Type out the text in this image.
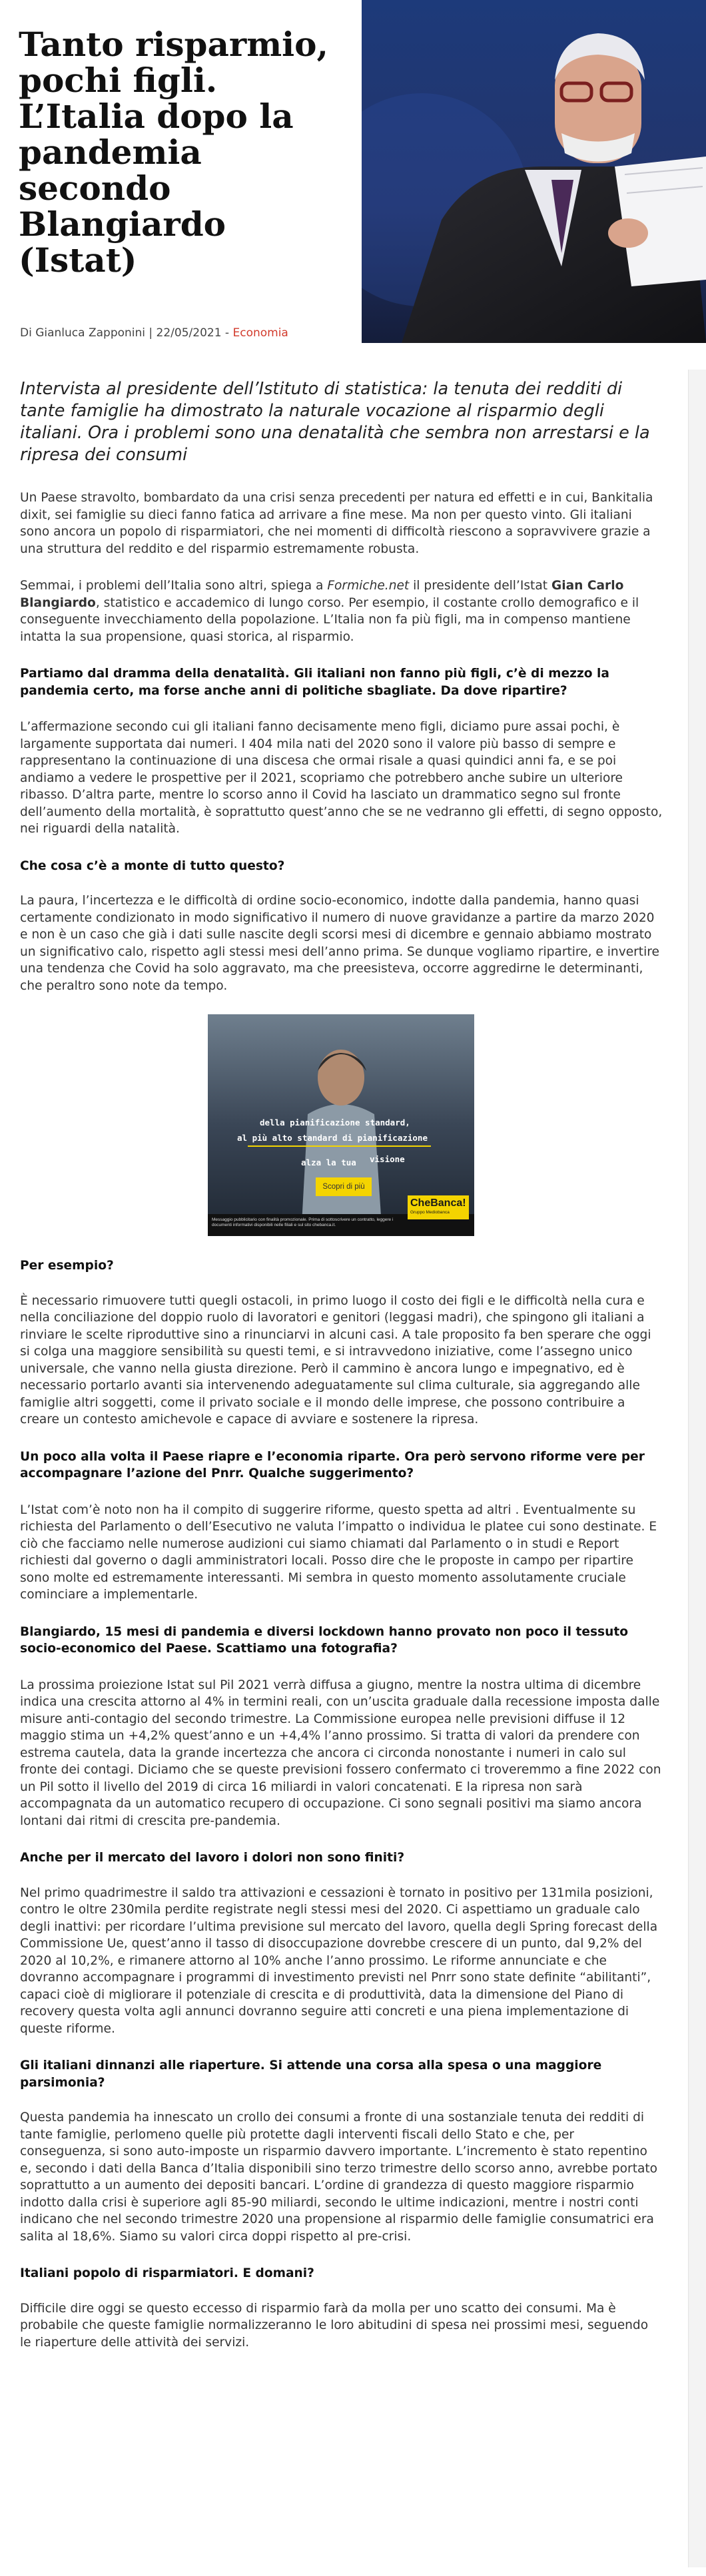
Tanto risparmio, pochi figli. L’Italia dopo la pandemia secondo Blangiardo (Istat)
Di Gianluca Zapponini | 22/05/2021 - Economia

Intervista al presidente dell’Istituto di statistica: la tenuta dei redditi di tante famiglie ha dimostrato la naturale vocazione al risparmio degli italiani. Ora i problemi sono una denatalità che sembra non arrestarsi e la ripresa dei consumi

Un Paese stravolto, bombardato da una crisi senza precedenti per natura ed effetti e in cui, Bankitalia dixit, sei famiglie su dieci fanno fatica ad arrivare a fine mese. Ma non per questo vinto. Gli italiani sono ancora un popolo di risparmiatori, che nei momenti di difficoltà riescono a sopravvivere grazie a una struttura del reddito e del risparmio estremamente robusta.

Semmai, i problemi dell’Italia sono altri, spiega a Formiche.net il presidente dell’Istat Gian Carlo Blangiardo, statistico e accademico di lungo corso. Per esempio, il costante crollo demografico e il conseguente invecchiamento della popolazione. L’Italia non fa più figli, ma in compenso mantiene intatta la sua propensione, quasi storica, al risparmio.

Partiamo dal dramma della denatalità. Gli italiani non fanno più figli, c’è di mezzo la pandemia certo, ma forse anche anni di politiche sbagliate. Da dove ripartire?

L’affermazione secondo cui gli italiani fanno decisamente meno figli, diciamo pure assai pochi, è largamente supportata dai numeri. I 404 mila nati del 2020 sono il valore più basso di sempre e rappresentano la continuazione di una discesa che ormai risale a quasi quindici anni fa, e se poi andiamo a vedere le prospettive per il 2021, scopriamo che potrebbero anche subire un ulteriore ribasso. D’altra parte, mentre lo scorso anno il Covid ha lasciato un drammatico segno sul fronte dell’aumento della mortalità, è soprattutto quest’anno che se ne vedranno gli effetti, di segno opposto, nei riguardi della natalità.

Che cosa c’è a monte di tutto questo?

La paura, l’incertezza e le difficoltà di ordine socio-economico, indotte dalla pandemia, hanno quasi certamente condizionato in modo significativo il numero di nuove gravidanze a partire da marzo 2020 e non è un caso che già i dati sulle nascite degli scorsi mesi di dicembre e gennaio abbiamo mostrato un significativo calo, rispetto agli stessi mesi dell’anno prima. Se dunque vogliamo ripartire, e invertire una tendenza che Covid ha solo aggravato, ma che preesisteva, occorre aggredirne le determinanti, che peraltro sono note da tempo.

della pianificazione standard,
al più alto standard di pianificazione
alza la tua visione
Scopri di più
CheBanca!
Gruppo Mediobanca
Messaggio pubblicitario con finalità promozionale. Prima di sottoscrivere un contratto, leggere i documenti informativi disponibili nelle filiali e sul sito chebanca.it.

Per esempio?

È necessario rimuovere tutti quegli ostacoli, in primo luogo il costo dei figli e le difficoltà nella cura e nella conciliazione del doppio ruolo di lavoratori e genitori (leggasi madri), che spingono gli italiani a rinviare le scelte riproduttive sino a rinunciarvi in alcuni casi. A tale proposito fa ben sperare che oggi si colga una maggiore sensibilità su questi temi, e si intravvedono iniziative, come l’assegno unico universale, che vanno nella giusta direzione. Però il cammino è ancora lungo e impegnativo, ed è necessario portarlo avanti sia intervenendo adeguatamente sul clima culturale, sia aggregando alle famiglie altri soggetti, come il privato sociale e il mondo delle imprese, che possono contribuire a creare un contesto amichevole e capace di avviare e sostenere la ripresa.

Un poco alla volta il Paese riapre e l’economia riparte. Ora però servono riforme vere per accompagnare l’azione del Pnrr. Qualche suggerimento?

L’Istat com’è noto non ha il compito di suggerire riforme, questo spetta ad altri . Eventualmente su richiesta del Parlamento o dell’Esecutivo ne valuta l’impatto o individua le platee cui sono destinate. E ciò che facciamo nelle numerose audizioni cui siamo chiamati dal Parlamento o in studi e Report richiesti dal governo o dagli amministratori locali. Posso dire che le proposte in campo per ripartire sono molte ed estremamente interessanti. Mi sembra in questo momento assolutamente cruciale cominciare a implementarle.

Blangiardo, 15 mesi di pandemia e diversi lockdown hanno provato non poco il tessuto socio-economico del Paese. Scattiamo una fotografia?

La prossima proiezione Istat sul Pil 2021 verrà diffusa a giugno, mentre la nostra ultima di dicembre indica una crescita attorno al 4% in termini reali, con un’uscita graduale dalla recessione imposta dalle misure anti-contagio del secondo trimestre. La Commissione europea nelle previsioni diffuse il 12 maggio stima un +4,2% quest’anno e un +4,4% l’anno prossimo. Si tratta di valori da prendere con estrema cautela, data la grande incertezza che ancora ci circonda nonostante i numeri in calo sul fronte dei contagi. Diciamo che se queste previsioni fossero confermato ci troveremmo a fine 2022 con un Pil sotto il livello del 2019 di circa 16 miliardi in valori concatenati. E la ripresa non sarà accompagnata da un automatico recupero di occupazione. Ci sono segnali positivi ma siamo ancora lontani dai ritmi di crescita pre-pandemia.

Anche per il mercato del lavoro i dolori non sono finiti?

Nel primo quadrimestre il saldo tra attivazioni e cessazioni è tornato in positivo per 131mila posizioni, contro le oltre 230mila perdite registrate negli stessi mesi del 2020. Ci aspettiamo un graduale calo degli inattivi: per ricordare l’ultima previsione sul mercato del lavoro, quella degli Spring forecast della Commissione Ue, quest’anno il tasso di disoccupazione dovrebbe crescere di un punto, dal 9,2% del 2020 al 10,2%, e rimanere attorno al 10% anche l’anno prossimo. Le riforme annunciate e che dovranno accompagnare i programmi di investimento previsti nel Pnrr sono state definite “abilitanti”, capaci cioè di migliorare il potenziale di crescita e di produttività, data la dimensione del Piano di recovery questa volta agli annunci dovranno seguire atti concreti e una piena implementazione di queste riforme.

Gli italiani dinnanzi alle riaperture. Si attende una corsa alla spesa o una maggiore parsimonia?

Questa pandemia ha innescato un crollo dei consumi a fronte di una sostanziale tenuta dei redditi di tante famiglie, perlomeno quelle più protette dagli interventi fiscali dello Stato e che, per conseguenza, si sono auto-imposte un risparmio davvero importante. L’incremento è stato repentino e, secondo i dati della Banca d’Italia disponibili sino terzo trimestre dello scorso anno, avrebbe portato soprattutto a un aumento dei depositi bancari. L’ordine di grandezza di questo maggiore risparmio indotto dalla crisi è superiore agli 85-90 miliardi, secondo le ultime indicazioni, mentre i nostri conti indicano che nel secondo trimestre 2020 una propensione al risparmio delle famiglie consumatrici era salita al 18,6%. Siamo su valori circa doppi rispetto al pre-crisi.

Italiani popolo di risparmiatori. E domani?

Difficile dire oggi se questo eccesso di risparmio farà da molla per uno scatto dei consumi. Ma è probabile che queste famiglie normalizzeranno le loro abitudini di spesa nei prossimi mesi, seguendo le riaperture delle attività dei servizi.
